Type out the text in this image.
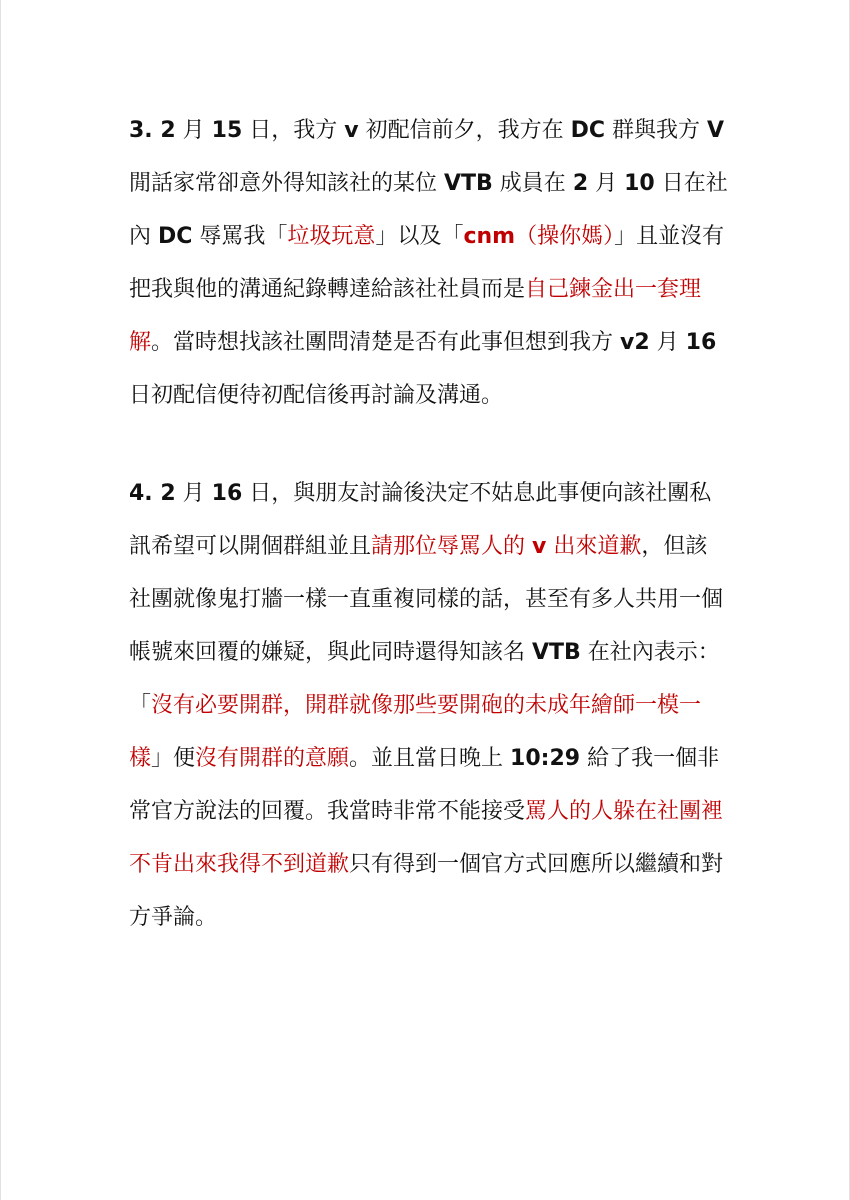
3. 2 月 15 日，我方 v 初配信前夕，我方在 DC 群與我方 V 閒話家常卻意外得知該社的某位 VTB 成員在 2 月 10 日在社內 DC 辱罵我「垃圾玩意」以及「cnm（操你媽）」且並沒有把我與他的溝通紀錄轉達給該社社員而是自己鍊金出一套理解。當時想找該社團問清楚是否有此事但想到我方 v2 月 16 日初配信便待初配信後再討論及溝通。

4. 2 月 16 日，與朋友討論後決定不姑息此事便向該社團私訊希望可以開個群組並且請那位辱罵人的 v 出來道歉，但該社團就像鬼打牆一樣一直重複同樣的話，甚至有多人共用一個帳號來回覆的嫌疑，與此同時還得知該名 VTB 在社內表示：「沒有必要開群，開群就像那些要開砲的未成年繪師一模一樣」便沒有開群的意願。並且當日晚上 10:29 給了我一個非常官方說法的回覆。我當時非常不能接受罵人的人躲在社團裡不肯出來我得不到道歉只有得到一個官方式回應所以繼續和對方爭論。
